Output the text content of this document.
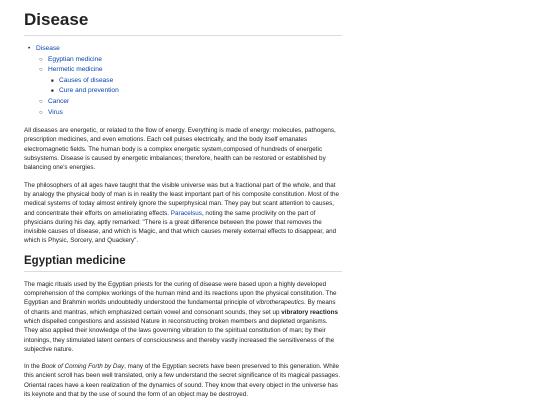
Disease
• Disease
○ Egyptian medicine
○ Hermetic medicine
■ Causes of disease
■ Cure and prevention
○ Cancer
○ Virus

All diseases are energetic, or related to the flow of energy. Everything is made of energy: molecules, pathogens, prescription medicines, and even emotions. Each cell pulses electrically, and the body itself emanates electromagnetic fields. The human body is a complex energetic system,composed of hundreds of energetic subsystems. Disease is caused by energetic imbalances; therefore, health can be restored or established by balancing one's energies.

The philosophers of all ages have taught that the visible universe was but a fractional part of the whole, and that by analogy the physical body of man is in reality the least important part of his composite constitution. Most of the medical systems of today almost entirely ignore the superphysical man. They pay but scant attention to causes, and concentrate their efforts on ameliorating effects. Paracelsus, noting the same proclivity on the part of physicians during his day, aptly remarked: "There is a great difference between the power that removes the invisible causes of disease, and which is Magic, and that which causes merely external effects to disappear, and which is Physic, Sorcery, and Quackery".

Egyptian medicine

The magic rituals used by the Egyptian priests for the curing of disease were based upon a highly developed comprehension of the complex workings of the human mind and its reactions upon the physical constitution. The Egyptian and Brahmin worlds undoubtedly understood the fundamental principle of vibrotherapeutics. By means of chants and mantras, which emphasized certain vowel and consonant sounds, they set up vibratory reactions which dispelled congestions and assisted Nature in reconstructing broken members and depleted organisms. They also applied their knowledge of the laws governing vibration to the spiritual constitution of man; by their intonings, they stimulated latent centers of consciousness and thereby vastly increased the sensitiveness of the subjective nature.

In the Book of Coming Forth by Day, many of the Egyptian secrets have been preserved to this generation. While this ancient scroll has been well translated, only a few understand the secret significance of its magical passages. Oriental races have a keen realization of the dynamics of sound. They know that every object in the universe has its keynote and that by the use of sound the form of an object may be destroyed.
